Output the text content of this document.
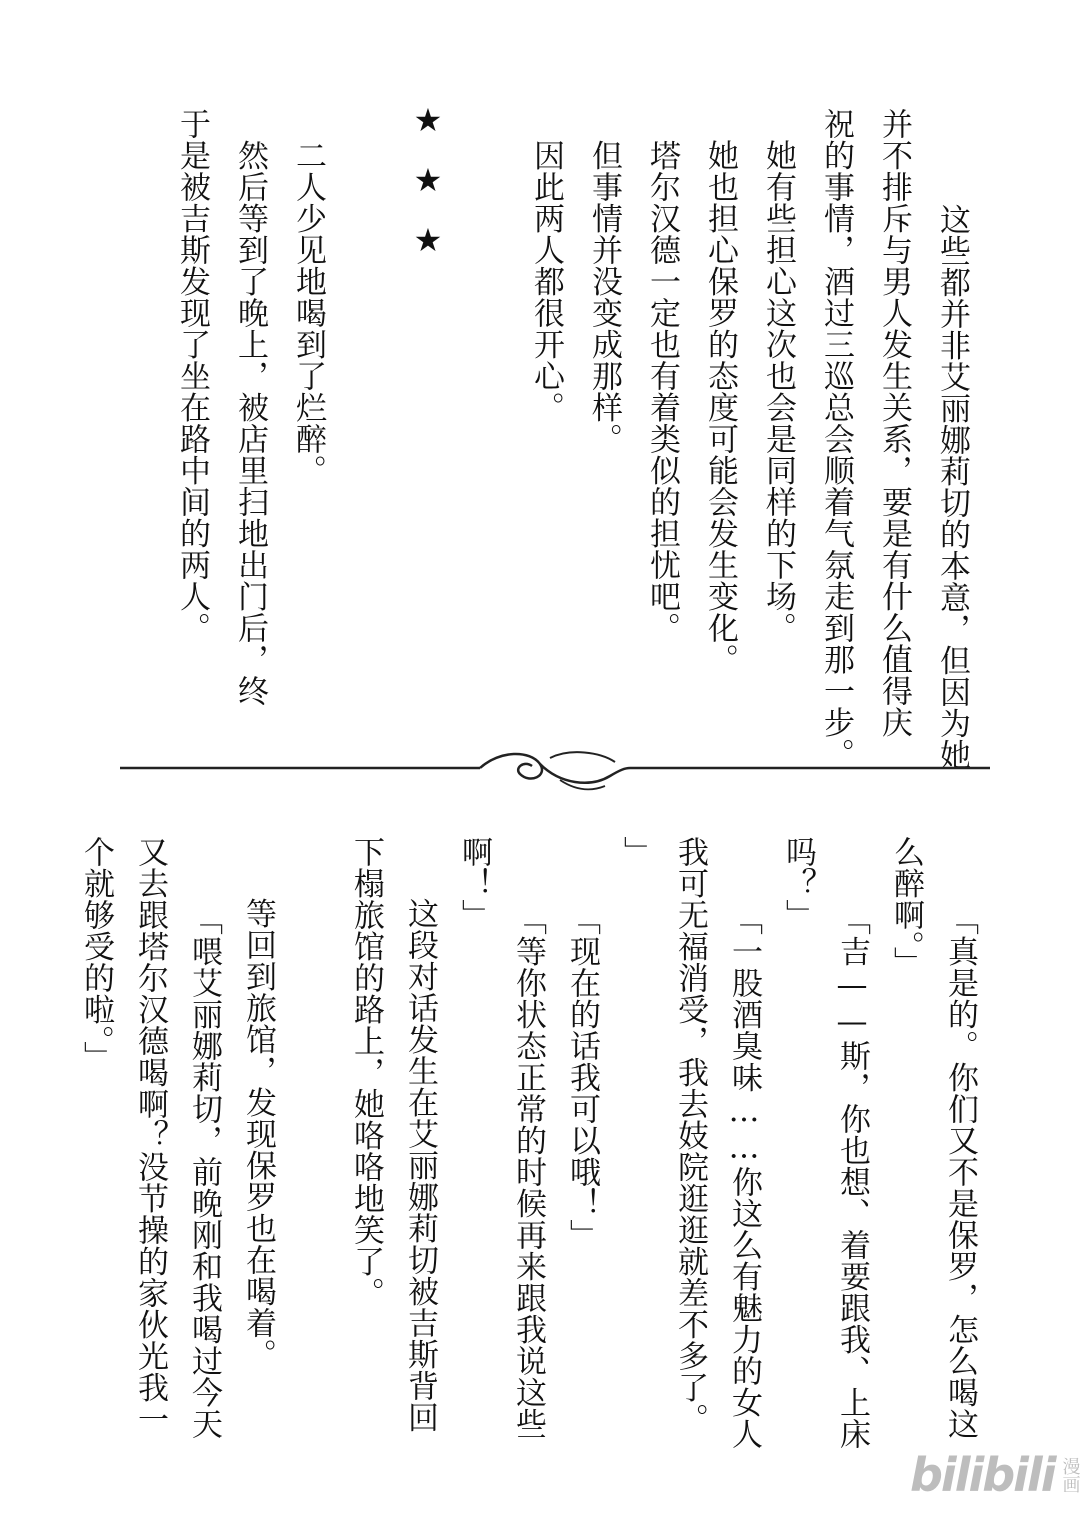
　这些都并非艾丽娜莉切的本意，但因为她
并不排斥与男人发生关系，要是有什么值得庆
祝的事情，酒过三巡总会顺着气氛走到那一步。
　她有些担心这次也会是同样的下场。
　她也担心保罗的态度可能会发生变化。
　塔尔汉德一定也有着类似的担忧吧。
　但事情并没变成那样。
　因此两人都很开心。
★
★
★
　二人少见地喝到了烂醉。
　然后等到了晚上，被店里扫地出门后，终
于是被吉斯发现了坐在路中间的两人。
「真是的。你们又不是保罗，怎么喝这
么醉啊。」
「吉——斯，你也想、着要跟我、上床
吗？」
「一股酒臭味……你这么有魅力的女人
我可无福消受，我去妓院逛逛就差不多了。
」
「现在的话我可以哦！」
「等你状态正常的时候再来跟我说这些
啊！」
　这段对话发生在艾丽娜莉切被吉斯背回
下榻旅馆的路上，她咯咯地笑了。
　等回到旅馆，发现保罗也在喝着。
「喂艾丽娜莉切，前晚刚和我喝过今天
又去跟塔尔汉德喝啊？没节操的家伙光我一
个就够受的啦。」
bilibili 漫画
